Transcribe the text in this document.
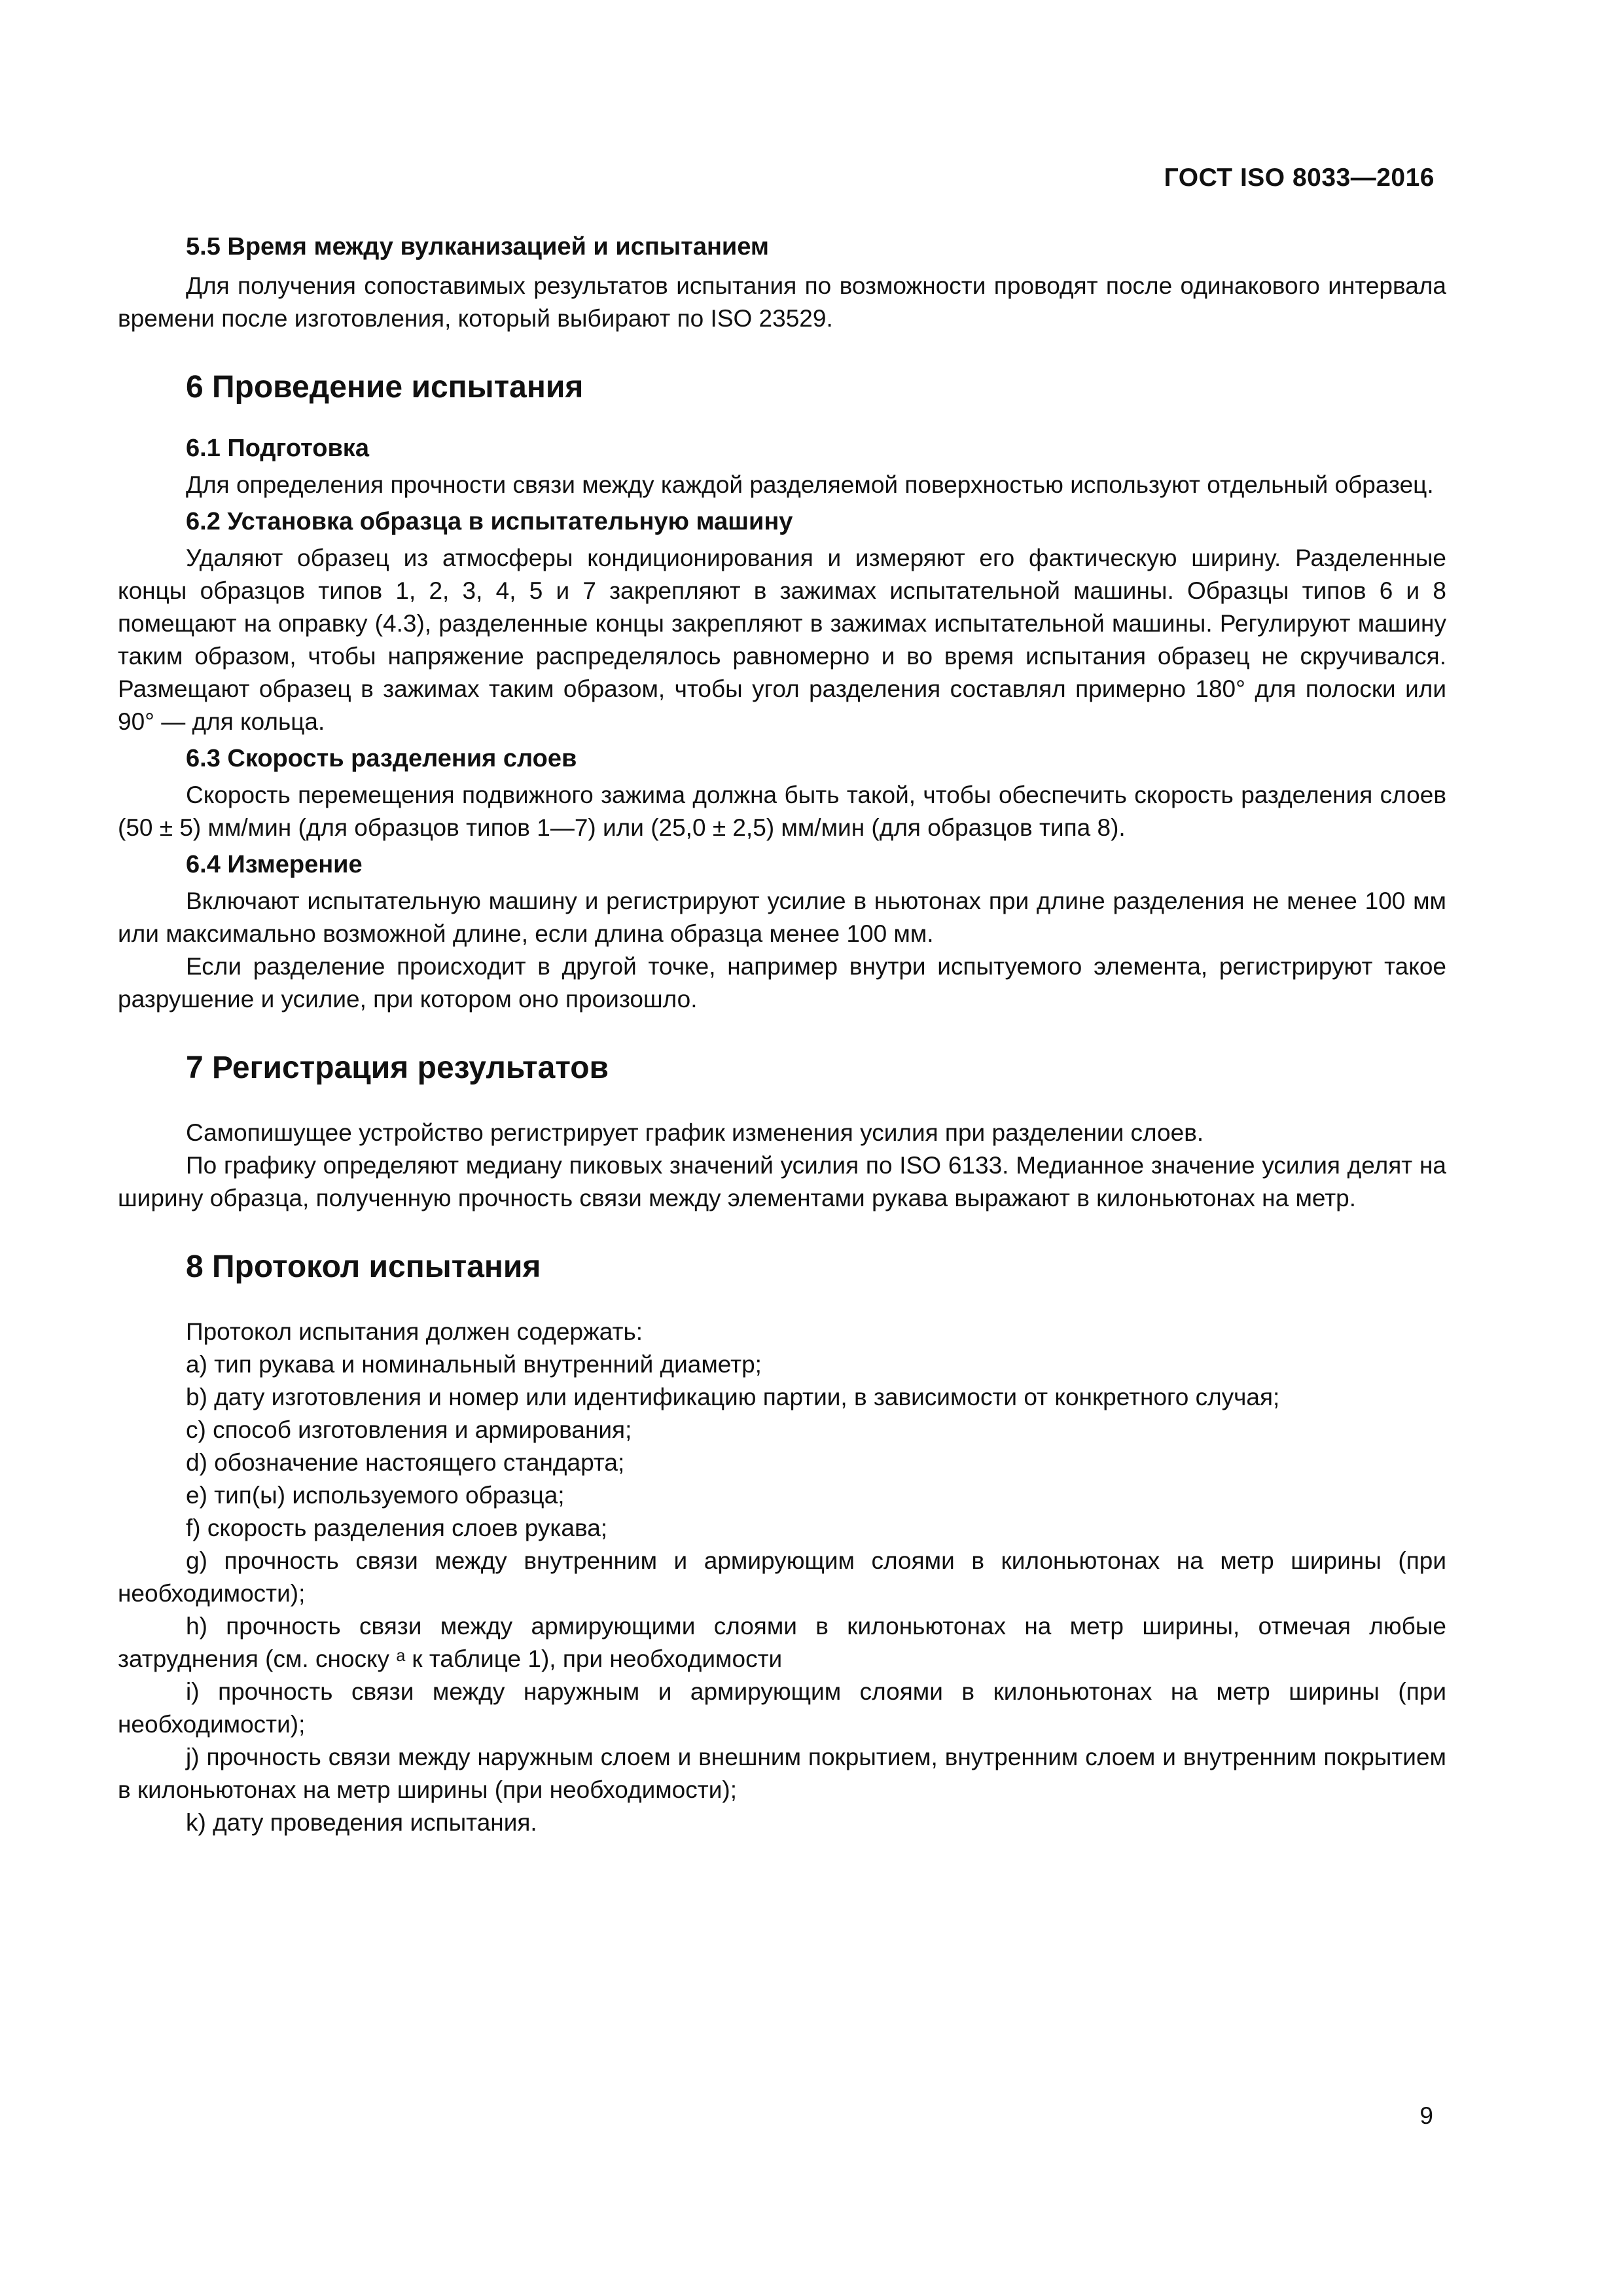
ГОСТ ISO 8033—2016

5.5 Время между вулканизацией и испытанием

Для получения сопоставимых результатов испытания по возможности проводят после одинакового интервала времени после изготовления, который выбирают по ISO 23529.

6 Проведение испытания

6.1 Подготовка

Для определения прочности связи между каждой разделяемой поверхностью используют отдельный образец.

6.2 Установка образца в испытательную машину

Удаляют образец из атмосферы кондиционирования и измеряют его фактическую ширину. Разделенные концы образцов типов 1, 2, 3, 4, 5 и 7 закрепляют в зажимах испытательной машины. Образцы типов 6 и 8 помещают на оправку (4.3), разделенные концы закрепляют в зажимах испытательной машины. Регулируют машину таким образом, чтобы напряжение распределялось равномерно и во время испытания образец не скручивался. Размещают образец в зажимах таким образом, чтобы угол разделения составлял примерно 180° для полоски или 90° — для кольца.

6.3 Скорость разделения слоев

Скорость перемещения подвижного зажима должна быть такой, чтобы обеспечить скорость разделения слоев (50 ± 5) мм/мин (для образцов типов 1—7) или (25,0 ± 2,5) мм/мин (для образцов типа 8).

6.4 Измерение

Включают испытательную машину и регистрируют усилие в ньютонах при длине разделения не менее 100 мм или максимально возможной длине, если длина образца менее 100 мм.

Если разделение происходит в другой точке, например внутри испытуемого элемента, регистрируют такое разрушение и усилие, при котором оно произошло.

7 Регистрация результатов

Самопишущее устройство регистрирует график изменения усилия при разделении слоев.

По графику определяют медиану пиковых значений усилия по ISO 6133. Медианное значение усилия делят на ширину образца, полученную прочность связи между элементами рукава выражают в килоньютонах на метр.

8 Протокол испытания

Протокол испытания должен содержать:

a) тип рукава и номинальный внутренний диаметр;

b) дату изготовления и номер или идентификацию партии, в зависимости от конкретного случая;

c) способ изготовления и армирования;

d) обозначение настоящего стандарта;

e) тип(ы) используемого образца;

f) скорость разделения слоев рукава;

g) прочность связи между внутренним и армирующим слоями в килоньютонах на метр ширины (при необходимости);

h) прочность связи между армирующими слоями в килоньютонах на метр ширины, отмечая любые затруднения (см. сноску ᵃ к таблице 1), при необходимости

i) прочность связи между наружным и армирующим слоями в килоньютонах на метр ширины (при необходимости);

j) прочность связи между наружным слоем и внешним покрытием, внутренним слоем и внутренним покрытием в килоньютонах на метр ширины (при необходимости);

k) дату проведения испытания.

9
